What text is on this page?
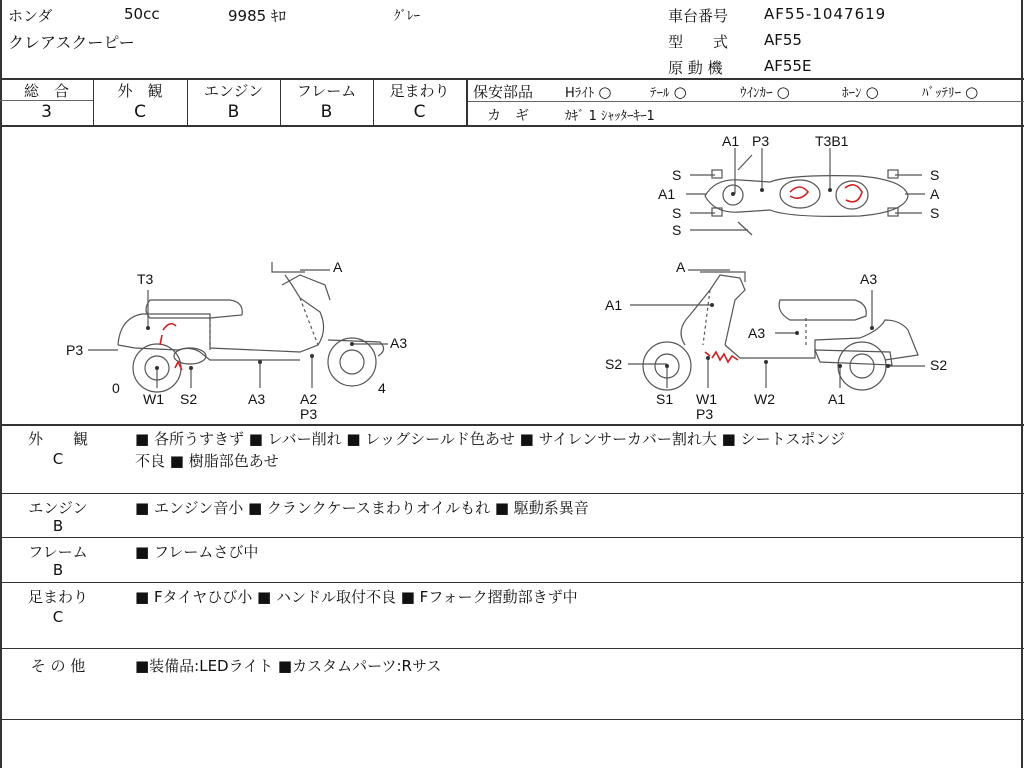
ホンダ	50cc	9985 ｷﾛ	ｸﾞﾚｰ
クレアスクーピー
車台番号 AF55-1047619
型　　式 AF55
原 動 機	AF55E
総　合
3
外　観
C
エンジン
B
フレーム
B
足まわり
C
保安部品 Hﾗｲﾄ ○	ﾃｰﾙ ○	ｳｲﾝｶｰ ○	ﾎｰﾝ ○	ﾊﾞｯﾃﾘｰ ○
カ　ギ	ｶｷﾞ 1 ｼｬｯﾀｰｷｰ1
T3
A
P3	A3
0
W1 S2	A3 A2
P3
4
A1 P3	T3B1
S
A1
S
S
S
A
S
A
A1
A3
A3
S2	S2
S1 W1
P3
W2	A1
外　　観
C
■ 各所うすきず ■ レバー削れ ■ レッグシールド色あせ ■ サイレンサーカバー割れ大 ■ シートスポンジ
不良 ■ 樹脂部色あせ
エンジン
B
■ エンジン音小 ■ クランクケースまわりオイルもれ ■ 駆動系異音
フレーム
B
■ フレームさび中
足まわり
C
■ Fタイヤひび小 ■ ハンドル取付不良 ■ Fフォーク摺動部きず中
そ の 他	■装備品:LEDライト ■カスタムパーツ:Rサス
